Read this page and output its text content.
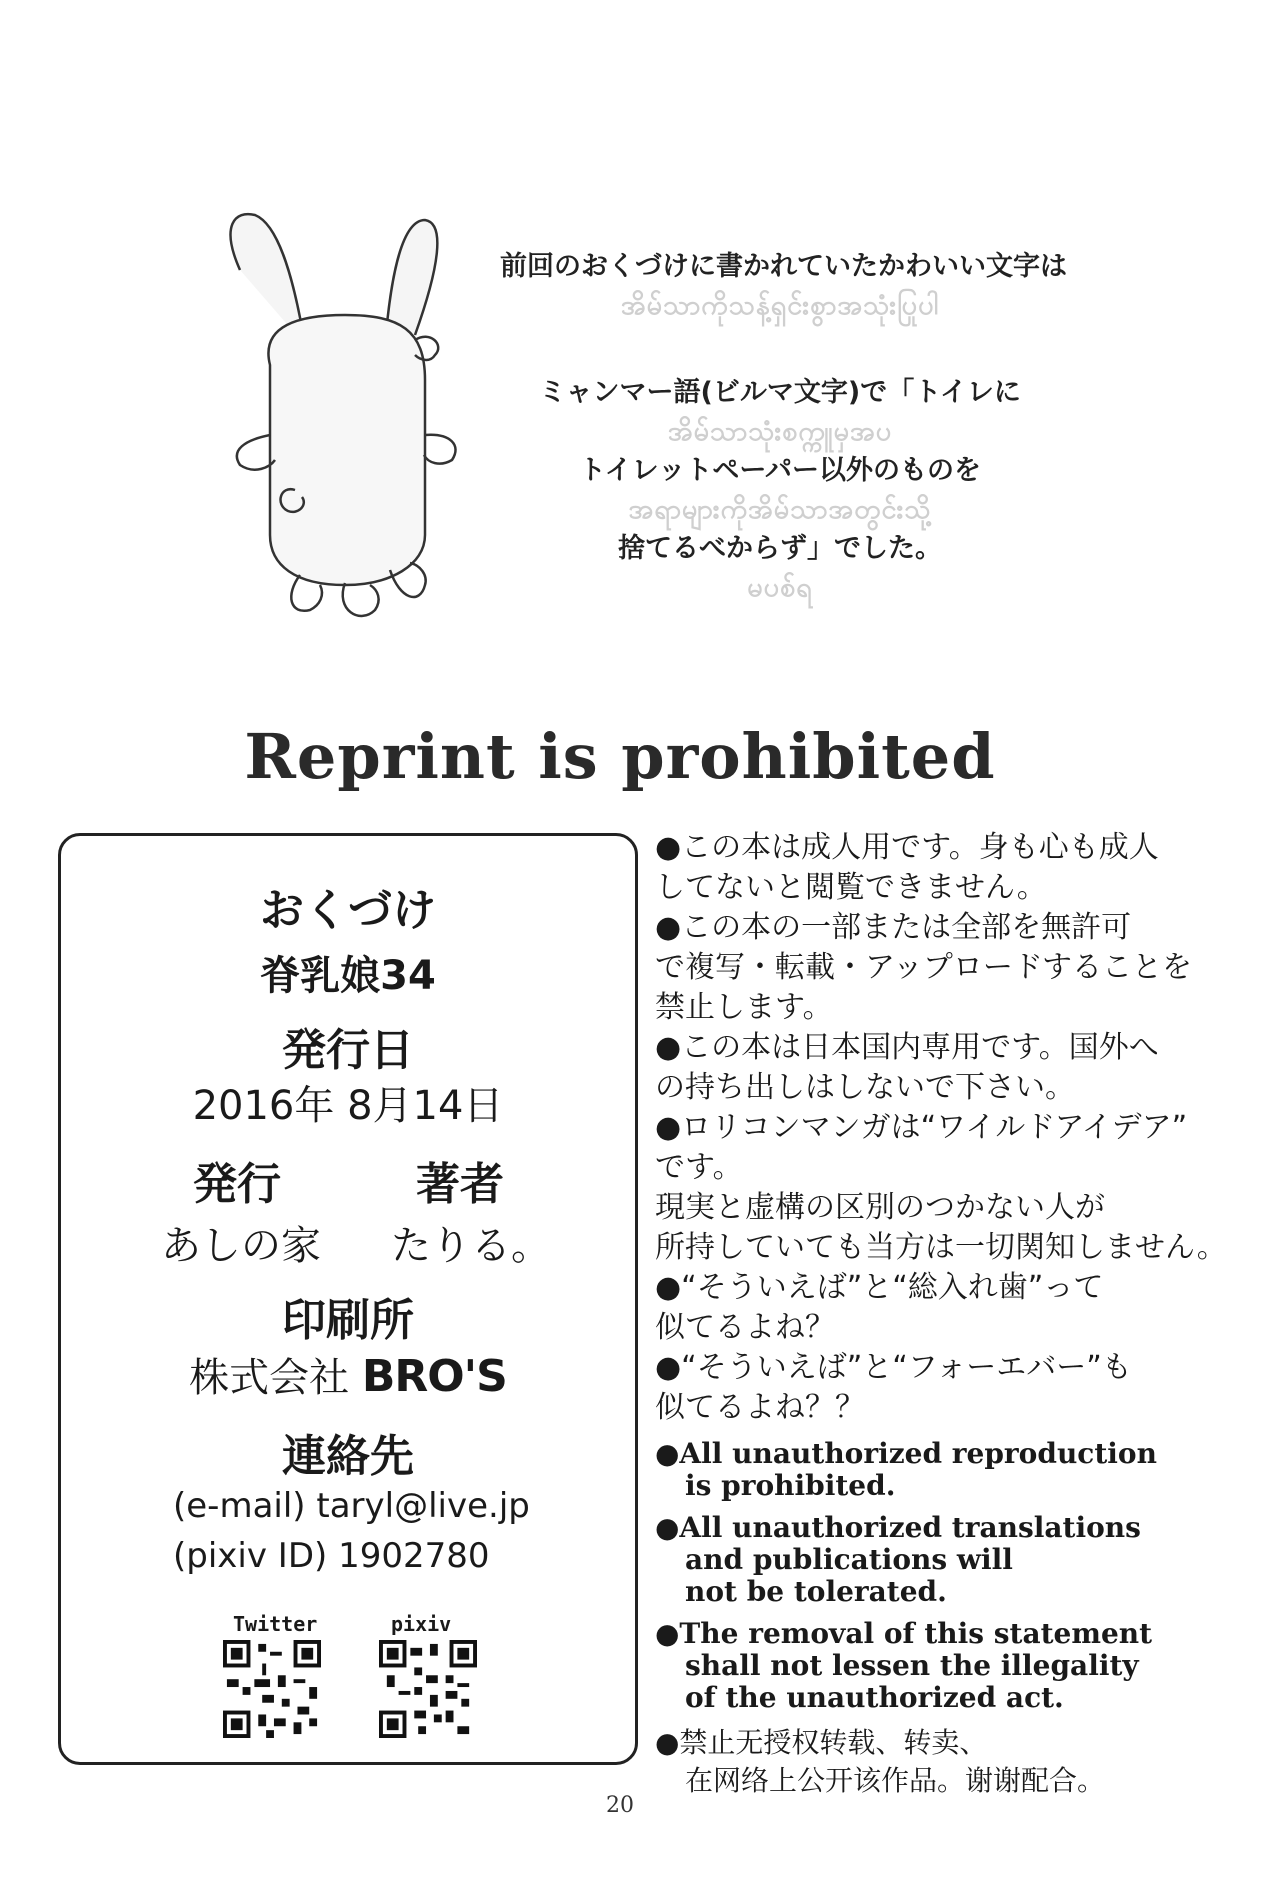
前回のおくづけに書かれていたかわいい文字は
အိမ်သာကိုသန့်ရှင်းစွာအသုံးပြုပါ
ミャンマー語(ビルマ文字)で「トイレに
အိမ်သာသုံးစက္ကူမှအပ
トイレットペーパー以外のものを
အရာများကိုအိမ်သာအတွင်းသို့
捨てるべからず」でした。
မပစ်ရ
Reprint is prohibited
おくづけ
脊乳娘34
発行日
2016年 8月14日
発行	著者
あしの家 たりる。
印刷所
株式会社 BRO'S
連絡先
(e-mail) taryl@live.jp
(pixiv ID) 1902780
Twitter	pixiv
●この本は成人用です。身も心も成人
してないと閲覧できません。
●この本の一部または全部を無許可
で複写・転載・アップロードすることを
禁止します。
●この本は日本国内専用です。国外へ
の持ち出しはしないで下さい。
●ロリコンマンガは“ワイルドアイデア”
です。
現実と虚構の区別のつかない人が
所持していても当方は一切関知しません。
●“そういえば”と“総入れ歯”って
似てるよね？
●“そういえば”と“フォーエバー”も
似てるよね？？
●All unauthorized reproduction
is prohibited.
●All unauthorized translations
and publications will
not be tolerated.
●The removal of this statement
shall not lessen the illegality
of the unauthorized act.
●禁止无授权转载、转卖、
在网络上公开该作品。谢谢配合。
20
